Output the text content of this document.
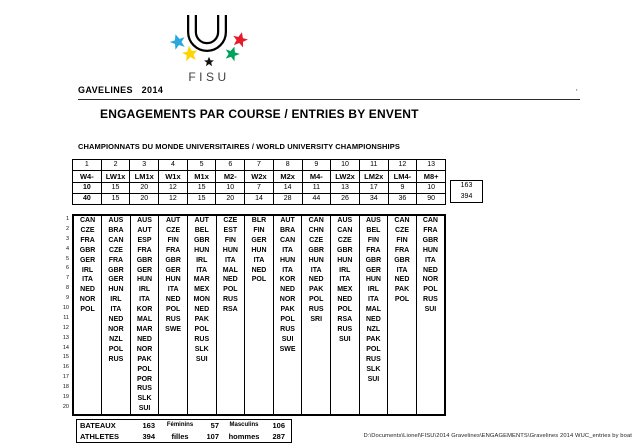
FISU
GAVELINES   2014	'
ENGAGEMENTS PAR COURSE / ENTRIES BY ENVENT
CHAMPIONNATS DU MONDE UNIVERSITAIRES / WORLD UNIVERSITY CHAMPIONSHIPS
1	2	3	4	5	6	7	8	9	10	11	12	13
W4-	LW1x	LM1x	W1x	M1x	M2-	W2x	M2x	M4-	LW2x	LM2x	LM4-	M8+
10	15	20	12	15	10	7	14	11	13	17	9	10
40	15	20	12	15	20	14	28	44	26	34	36	90
163
394
1
2
3
4
5
6
7
8
9
10
11
12
13
14
15
16
17
18
19
20
CAN	AUS	AUS	AUT	AUT	CZE	BLR	AUT	CAN	AUS	AUS	CAN	CAN
CZE	BRA	AUT	CZE	BEL	EST	FIN	BRA	CHN	CAN	BEL	CZE	FRA
FRA	CAN	ESP	FIN	GBR	FIN	GER	CAN	CZE	CZE	FIN	FIN	GBR
GBR	CZE	FRA	FRA	HUN	HUN	HUN	ITA	GBR	GBR	FRA	FRA	HUN
GER	FRA	GBR	GBR	IRL	ITA	ITA	HUN	HUN	HUN	GBR	GBR	ITA
IRL	GBR	GER	GER	ITA	MAL	NED	ITA	ITA	IRL	GER	ITA	NED
ITA	GER	HUN	HUN	MAR	NED	POL	KOR	NED	ITA	HUN	NED	NOR
NED	HUN	IRL	ITA	MEX	POL		NED	PAK	MEX	IRL	PAK	POL
NOR	IRL	ITA	NED	MON	RUS		NOR	POL	NED	ITA	POL	RUS
POL	ITA	KOR	POL	NED	RSA		PAK	RUS	POL	MAL		SUI
	NED	MAL	RUS	PAK			POL	SRI	RSA	NED		
	NOR	MAR	SWE	POL			RUS		RUS	NZL		
	NZL	NED		RUS			SUI		SUI	PAK		
	POL	NOR		SLK			SWE			POL		
	RUS	PAK		SUI						RUS		
		POL								SLK		
		POR								SUI		
		RUS										
		SLK										
		SUI										
BATEAUX	163	Féminins	57	Masculins	106
ATHLETES	394	filles	107	hommes	287	D:\Documents\Lionel\FISU\2014 Gravelines\ENGAGEMENTS\Gravelines 2014 WUC_entries by boat
